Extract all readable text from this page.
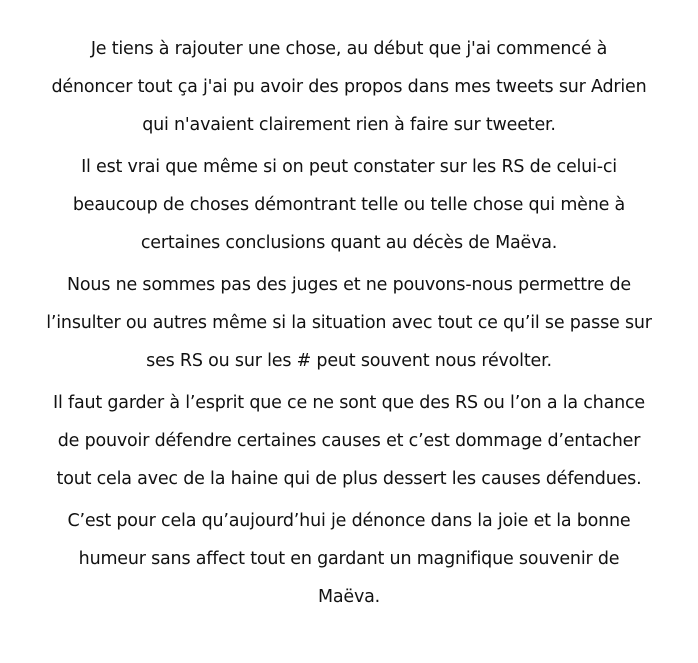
Je tiens à rajouter une chose, au début que j'ai commencé à
dénoncer tout ça j'ai pu avoir des propos dans mes tweets sur Adrien
qui n'avaient clairement rien à faire sur tweeter.

Il est vrai que même si on peut constater sur les RS de celui-ci
beaucoup de choses démontrant telle ou telle chose qui mène à
certaines conclusions quant au décès de Maëva.

Nous ne sommes pas des juges et ne pouvons-nous permettre de
l’insulter ou autres même si la situation avec tout ce qu’il se passe sur
ses RS ou sur les # peut souvent nous révolter.

Il faut garder à l’esprit que ce ne sont que des RS ou l’on a la chance
de pouvoir défendre certaines causes et c’est dommage d’entacher
tout cela avec de la haine qui de plus dessert les causes défendues.

C’est pour cela qu’aujourd’hui je dénonce dans la joie et la bonne
humeur sans affect tout en gardant un magnifique souvenir de
Maëva.
